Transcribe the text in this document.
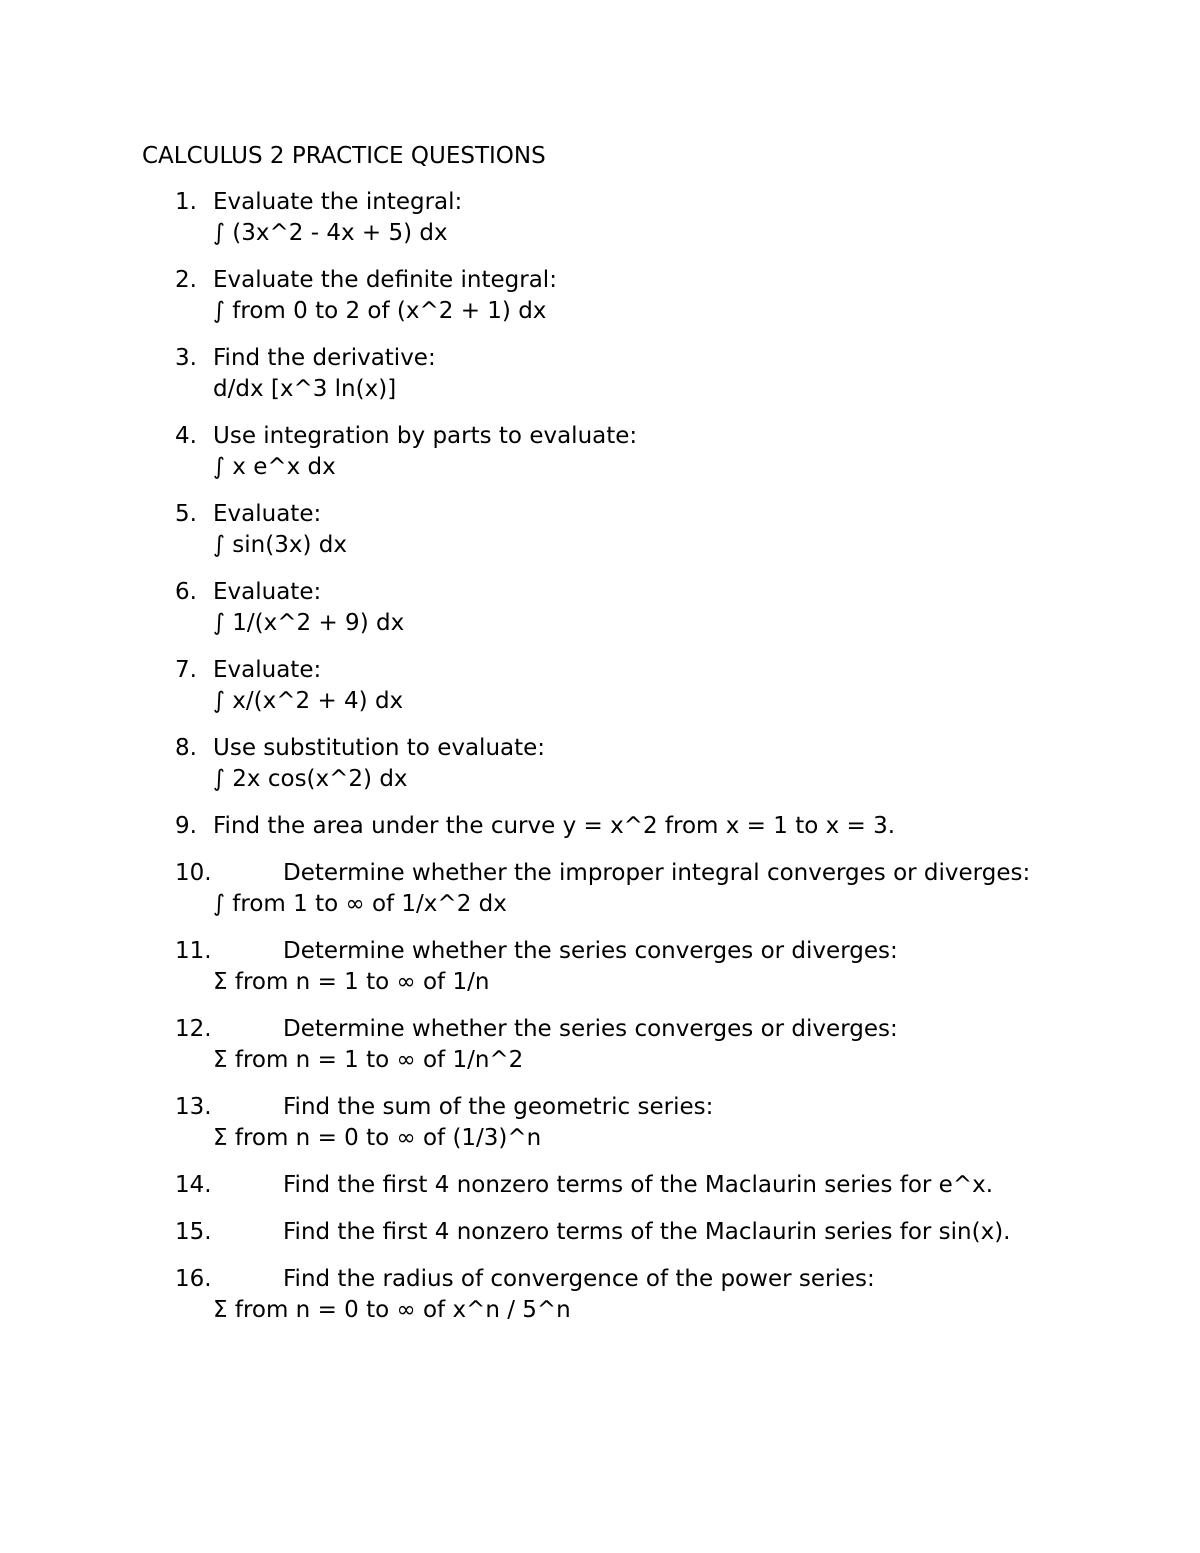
CALCULUS 2 PRACTICE QUESTIONS
1. Evaluate the integral:
∫ (3x^2 - 4x + 5) dx
2. Evaluate the definite integral:
∫ from 0 to 2 of (x^2 + 1) dx
3. Find the derivative:
d/dx [x^3 ln(x)]
4. Use integration by parts to evaluate:
∫ x e^x dx
5. Evaluate:
∫ sin(3x) dx
6. Evaluate:
∫ 1/(x^2 + 9) dx
7. Evaluate:
∫ x/(x^2 + 4) dx
8. Use substitution to evaluate:
∫ 2x cos(x^2) dx
9. Find the area under the curve y = x^2 from x = 1 to x = 3.
10.	Determine whether the improper integral converges or diverges:
∫ from 1 to ∞ of 1/x^2 dx
11.	Determine whether the series converges or diverges:
Σ from n = 1 to ∞ of 1/n
12.	Determine whether the series converges or diverges:
Σ from n = 1 to ∞ of 1/n^2
13.	Find the sum of the geometric series:
Σ from n = 0 to ∞ of (1/3)^n
14.	Find the first 4 nonzero terms of the Maclaurin series for e^x.
15.	Find the first 4 nonzero terms of the Maclaurin series for sin(x).
16.	Find the radius of convergence of the power series:
Σ from n = 0 to ∞ of x^n / 5^n
